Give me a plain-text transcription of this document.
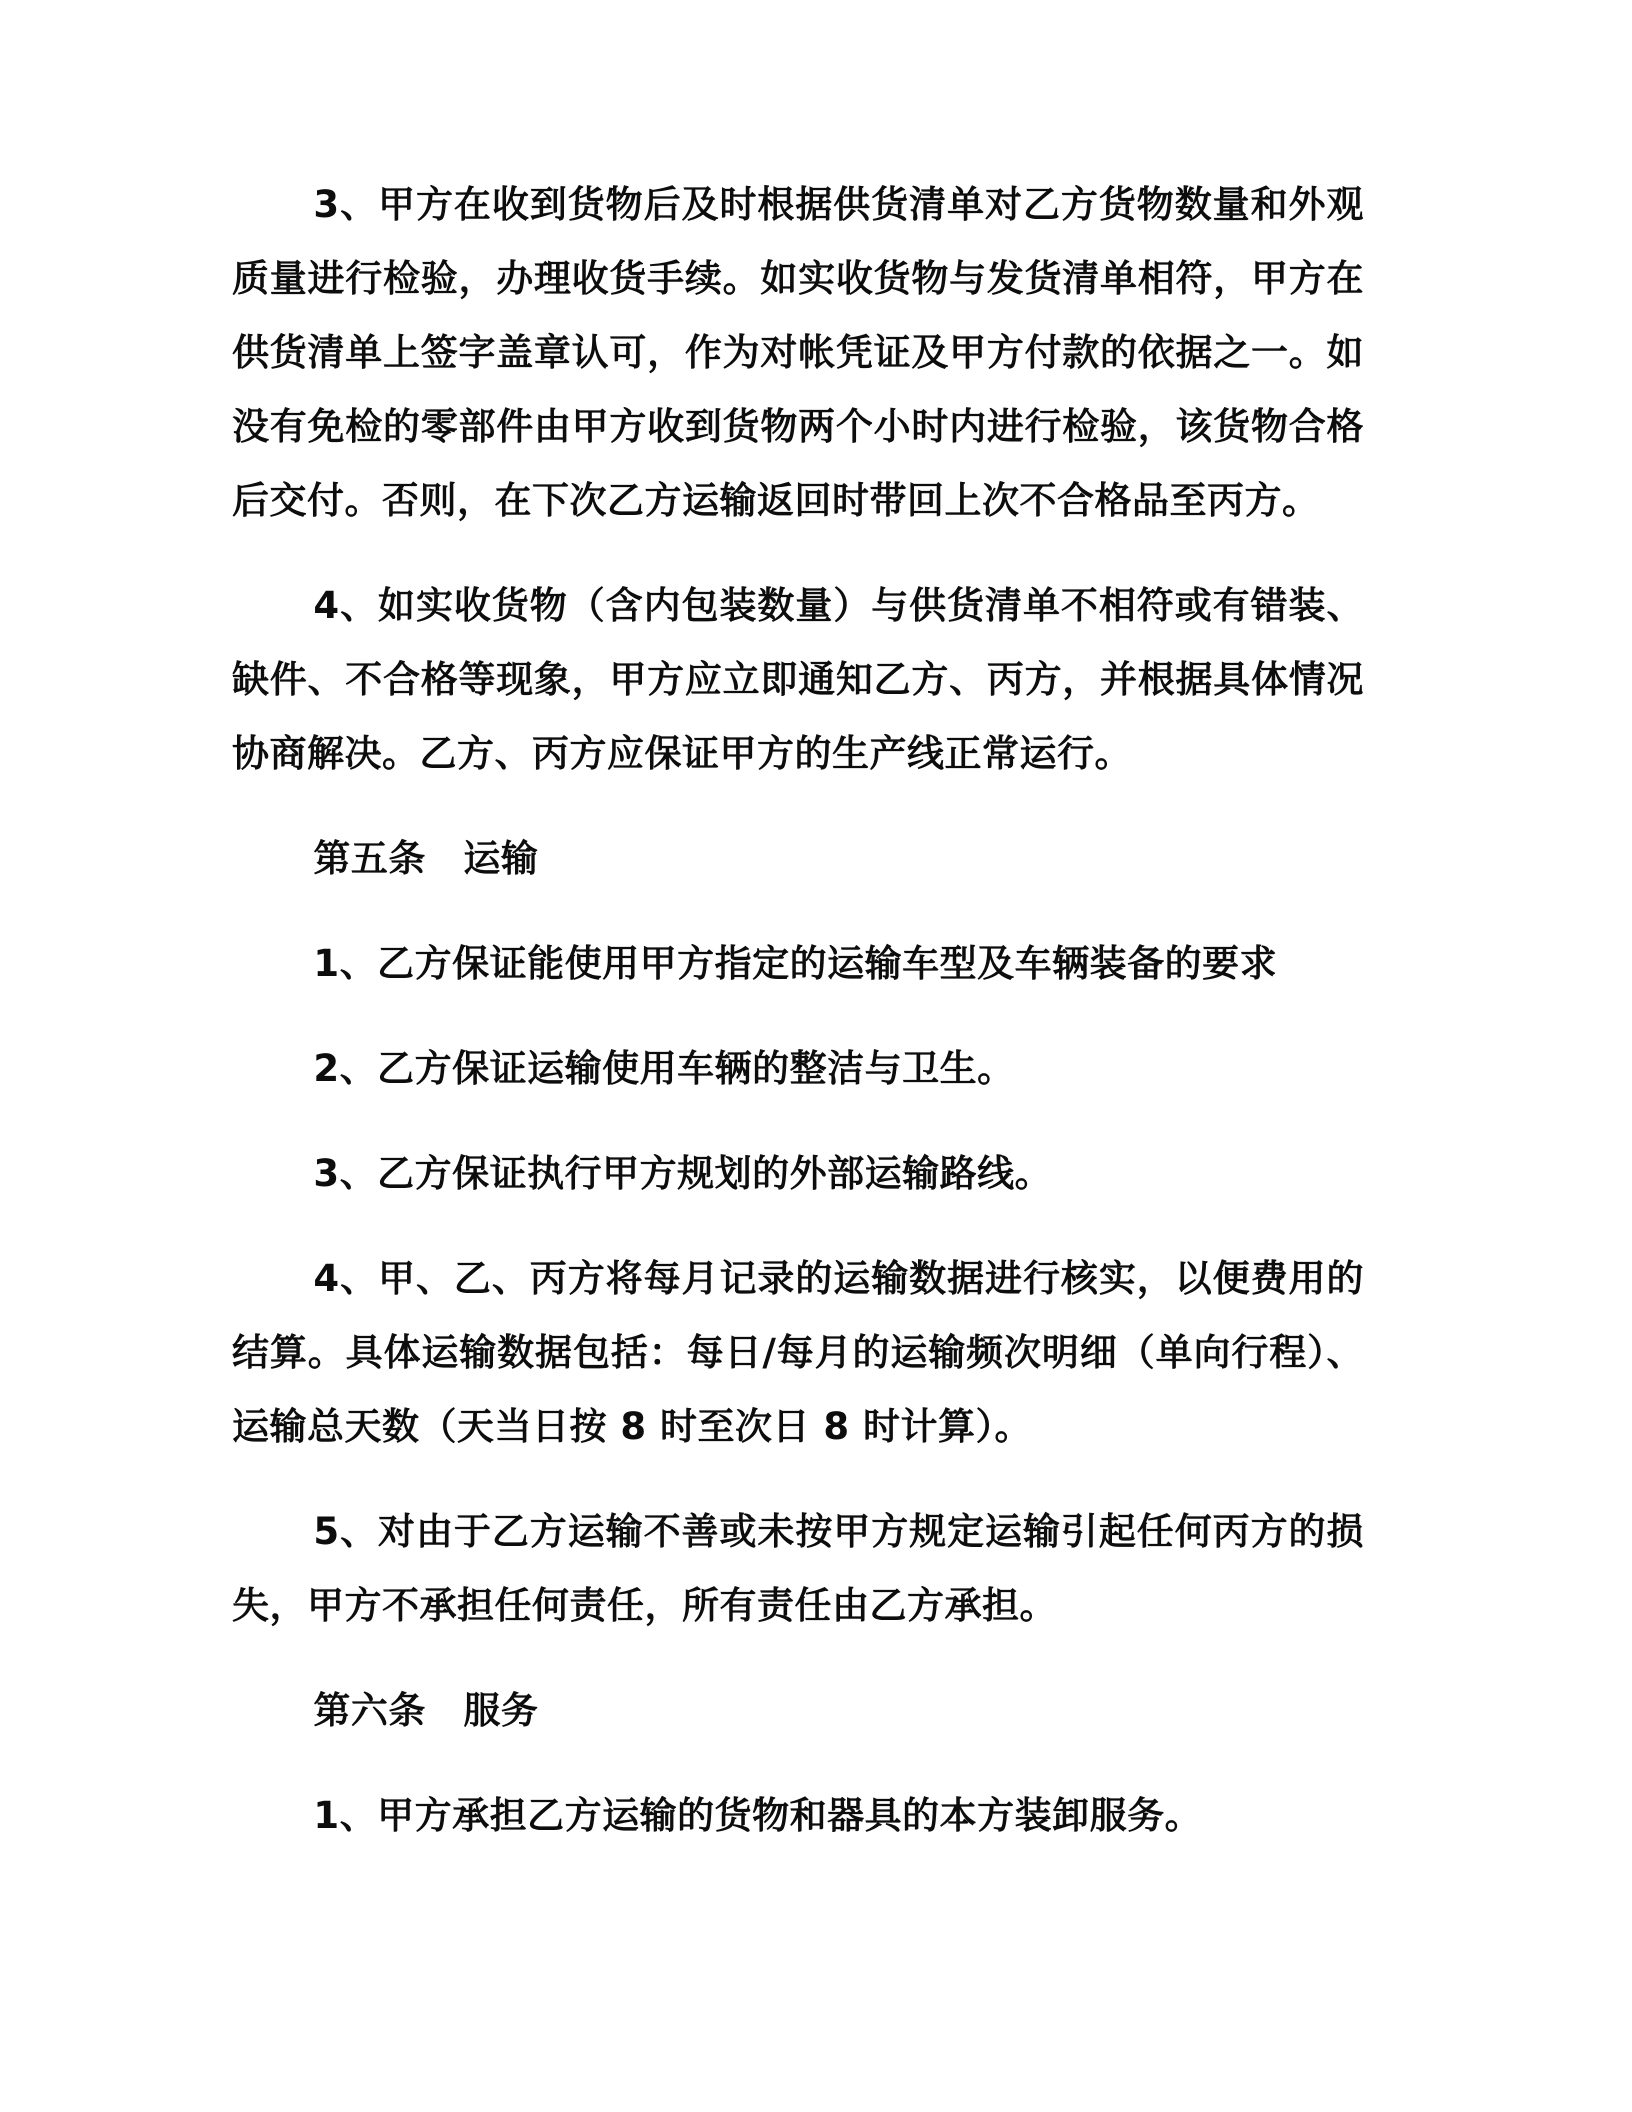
3、甲方在收到货物后及时根据供货清单对乙方货物数量和外观质量进行检验，办理收货手续。如实收货物与发货清单相符，甲方在供货清单上签字盖章认可，作为对帐凭证及甲方付款的依据之一。如没有免检的零部件由甲方收到货物两个小时内进行检验，该货物合格后交付。否则，在下次乙方运输返回时带回上次不合格品至丙方。

4、如实收货物（含内包装数量）与供货清单不相符或有错装、缺件、不合格等现象，甲方应立即通知乙方、丙方，并根据具体情况协商解决。乙方、丙方应保证甲方的生产线正常运行。

第五条　运输

1、乙方保证能使用甲方指定的运输车型及车辆装备的要求

2、乙方保证运输使用车辆的整洁与卫生。

3、乙方保证执行甲方规划的外部运输路线。

4、甲、乙、丙方将每月记录的运输数据进行核实，以便费用的结算。具体运输数据包括：每日/每月的运输频次明细（单向行程）、运输总天数（天当日按 8 时至次日 8 时计算）。

5、对由于乙方运输不善或未按甲方规定运输引起任何丙方的损失，甲方不承担任何责任，所有责任由乙方承担。

第六条　服务

1、甲方承担乙方运输的货物和器具的本方装卸服务。
